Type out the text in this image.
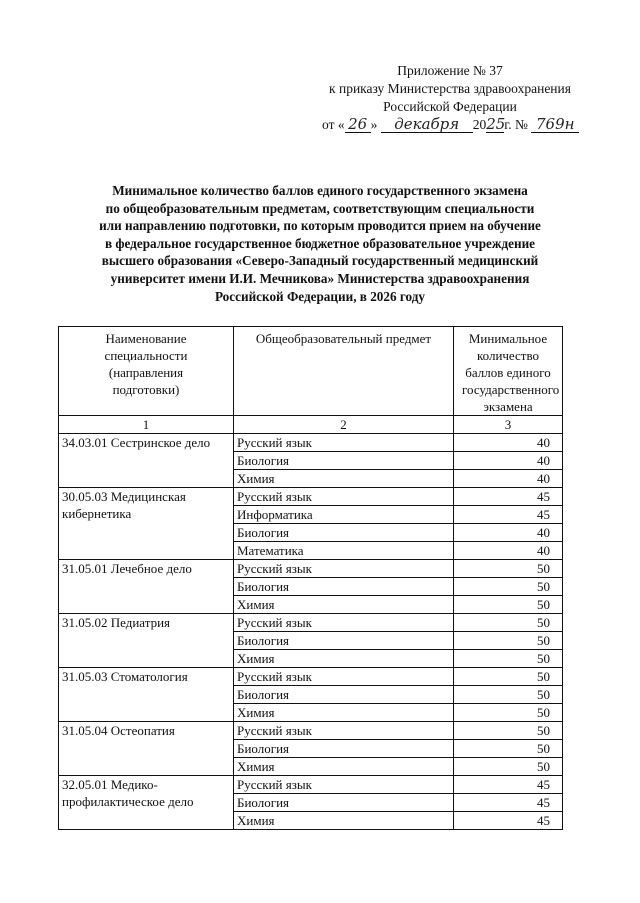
Приложение № 37
к приказу Министерства здравоохранения
Российской Федерации
от « 26 » декабря 2025г. № 769н
Минимальное количество баллов единого государственного экзамена
по общеобразовательным предметам, соответствующим специальности
или направлению подготовки, по которым проводится прием на обучение
в федеральное государственное бюджетное образовательное учреждение
высшего образования «Северо-Западный государственный медицинский
университет имени И.И. Мечникова» Министерства здравоохранения
Российской Федерации, в 2026 году
Наименование специальности (направления подготовки)	Общеобразовательный предмет	Минимальное количество баллов единого государственного экзамена
1	2	3
34.03.01 Сестринское дело	Русский язык	40
	Биология	40
	Химия	40
30.05.03 Медицинская кибернетика	Русский язык	45
	Информатика	45
	Биология	40
	Математика	40
31.05.01 Лечебное дело	Русский язык	50
	Биология	50
	Химия	50
31.05.02 Педиатрия	Русский язык	50
	Биология	50
	Химия	50
31.05.03 Стоматология	Русский язык	50
	Биология	50
	Химия	50
31.05.04 Остеопатия	Русский язык	50
	Биология	50
	Химия	50
32.05.01 Медико-профилактическое дело	Русский язык	45
	Биология	45
	Химия	45
